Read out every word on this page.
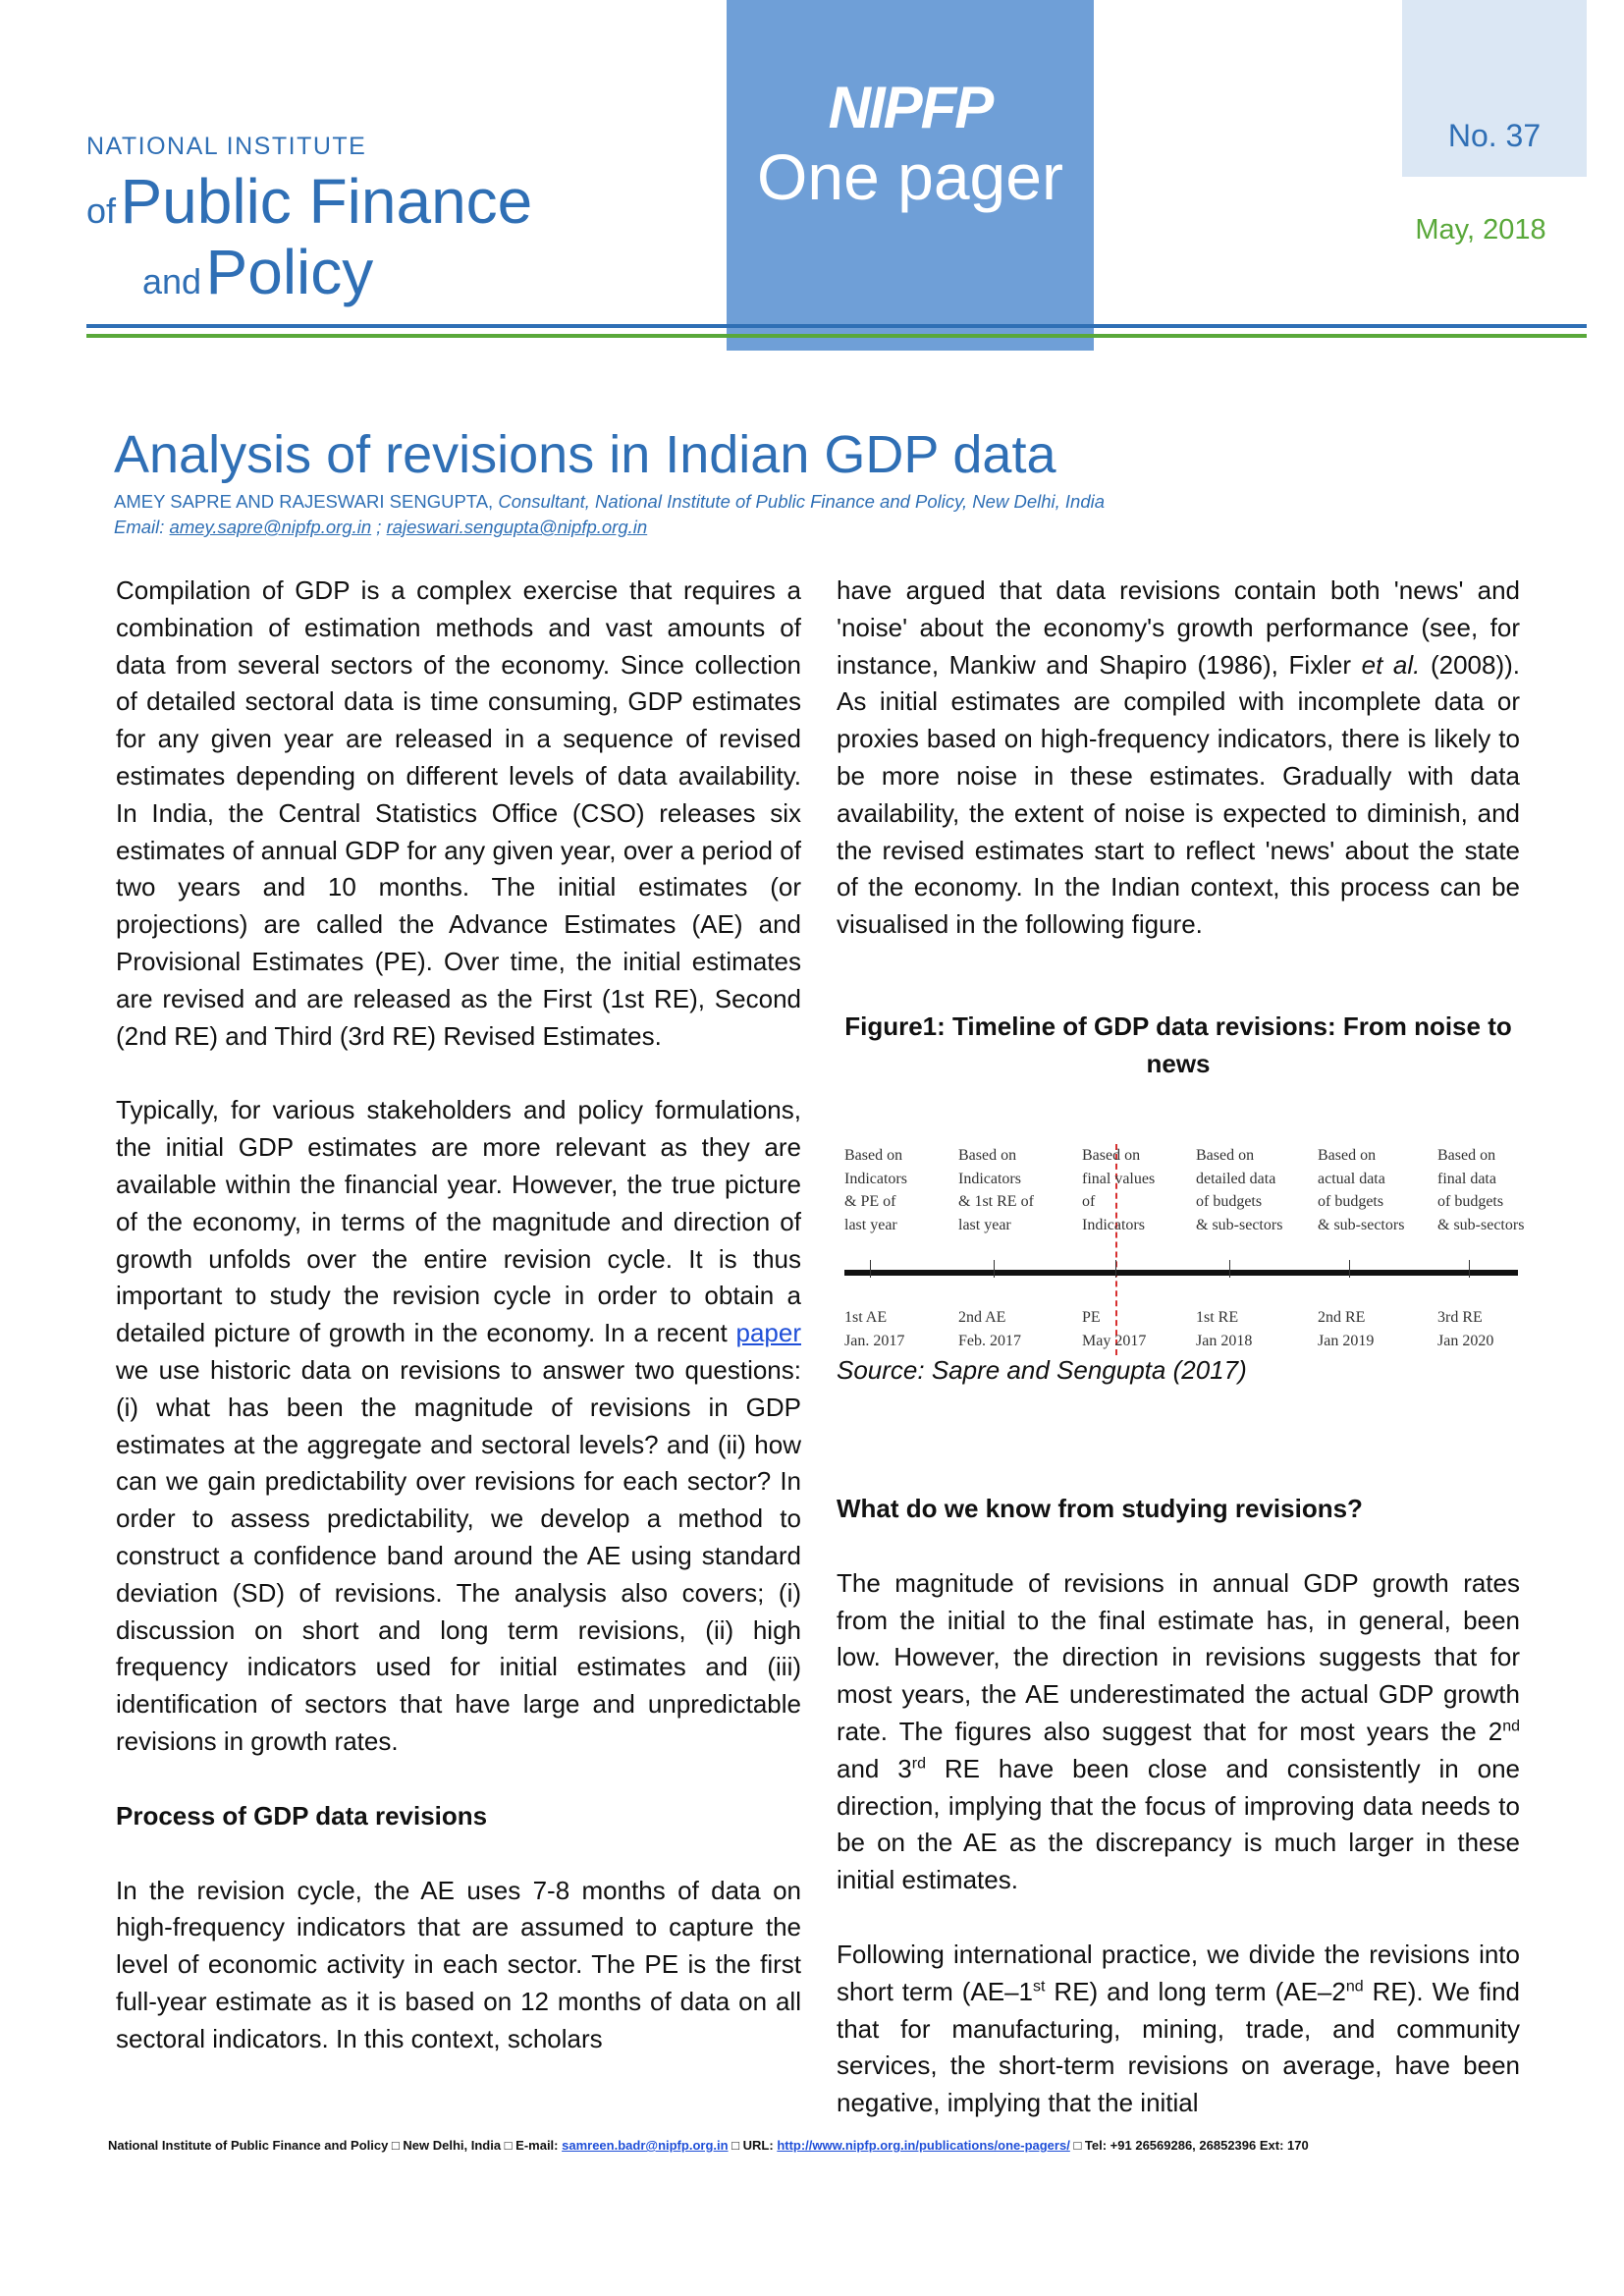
NATIONAL INSTITUTE
of Public Finance
and Policy
NIPFP
One pager
No. 37
May, 2018
Analysis of revisions in Indian GDP data
AMEY SAPRE AND RAJESWARI SENGUPTA, Consultant, National Institute of Public Finance and Policy, New Delhi, India
Email: amey.sapre@nipfp.org.in ; rajeswari.sengupta@nipfp.org.in

Compilation of GDP is a complex exercise that requires a combination of estimation methods and vast amounts of data from several sectors of the economy. Since collection of detailed sectoral data is time consuming, GDP estimates for any given year are released in a sequence of revised estimates depending on different levels of data availability. In India, the Central Statistics Office (CSO) releases six estimates of annual GDP for any given year, over a period of two years and 10 months. The initial estimates (or projections) are called the Advance Estimates (AE) and Provisional Estimates (PE). Over time, the initial estimates are revised and are released as the First (1st RE), Second (2nd RE) and Third (3rd RE) Revised Estimates.

Typically, for various stakeholders and policy formulations, the initial GDP estimates are more relevant as they are available within the financial year. However, the true picture of the economy, in terms of the magnitude and direction of growth unfolds over the entire revision cycle. It is thus important to study the revision cycle in order to obtain a detailed picture of growth in the economy. In a recent paper we use historic data on revisions to answer two questions: (i) what has been the magnitude of revisions in GDP estimates at the aggregate and sectoral levels? and (ii) how can we gain predictability over revisions for each sector? In order to assess predictability, we develop a method to construct a confidence band around the AE using standard deviation (SD) of revisions. The analysis also covers; (i) discussion on short and long term revisions, (ii) high frequency indicators used for initial estimates and (iii) identification of sectors that have large and unpredictable revisions in growth rates.

Process of GDP data revisions

In the revision cycle, the AE uses 7-8 months of data on high-frequency indicators that are assumed to capture the level of economic activity in each sector. The PE is the first full-year estimate as it is based on 12 months of data on all sectoral indicators. In this context, scholars

have argued that data revisions contain both 'news' and 'noise' about the economy's growth performance (see, for instance, Mankiw and Shapiro (1986), Fixler et al. (2008)). As initial estimates are compiled with incomplete data or proxies based on high-frequency indicators, there is likely to be more noise in these estimates. Gradually with data availability, the extent of noise is expected to diminish, and the revised estimates start to reflect 'news' about the state of the economy. In the Indian context, this process can be visualised in the following figure.

Figure1: Timeline of GDP data revisions: From noise to news
Based on
Indicators
& PE of
last year
1st AE
Jan. 2017
Based on
Indicators
& 1st RE of
last year
2nd AE
Feb. 2017
Based on
final values
of
Indicators
PE
May 2017
Based on
detailed data
of budgets
& sub-sectors
1st RE
Jan 2018
Based on
actual data
of budgets
& sub-sectors
2nd RE
Jan 2019
Based on
final data
of budgets
& sub-sectors
3rd RE
Jan 2020
Source: Sapre and Sengupta (2017)
What do we know from studying revisions?

The magnitude of revisions in annual GDP growth rates from the initial to the final estimate has, in general, been low. However, the direction in revisions suggests that for most years, the AE underestimated the actual GDP growth rate. The figures also suggest that for most years the 2nd and 3rd RE have been close and consistently in one direction, implying that the focus of improving data needs to be on the AE as the discrepancy is much larger in these initial estimates.

Following international practice, we divide the revisions into short term (AE–1st RE) and long term (AE–2nd RE). We find that for manufacturing, mining, trade, and community services, the short-term revisions on average, have been negative, implying that the initial

National Institute of Public Finance and Policy □ New Delhi, India □ E-mail: samreen.badr@nipfp.org.in □ URL: http://www.nipfp.org.in/publications/one-pagers/ □ Tel: +91 26569286, 26852396 Ext: 170
